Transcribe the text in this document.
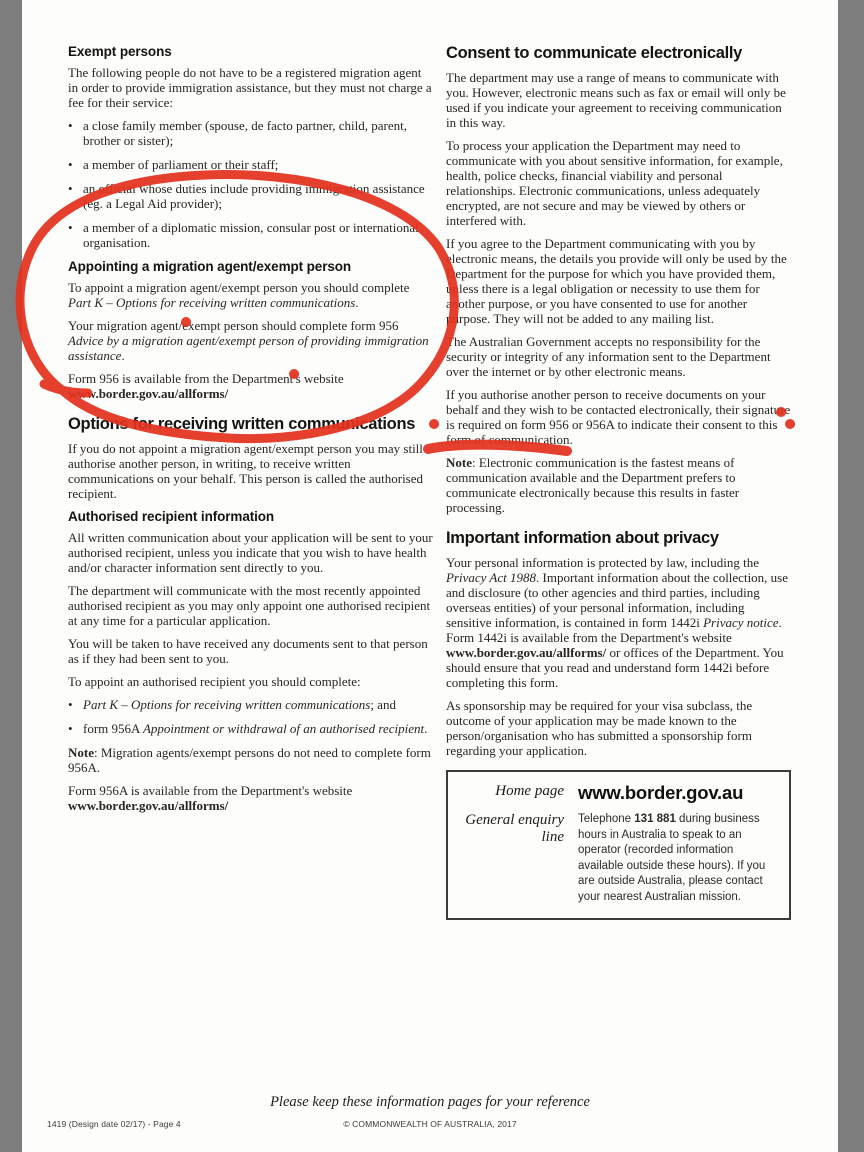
Exempt persons

The following people do not have to be a registered migration agent in order to provide immigration assistance, but they must not charge a fee for their service:

• a close family member (spouse, de facto partner, child, parent, brother or sister);
• a member of parliament or their staff;
• an official whose duties include providing immigration assistance (eg. a Legal Aid provider);
• a member of a diplomatic mission, consular post or international organisation.
Appointing a migration agent/exempt person

To appoint a migration agent/exempt person you should complete Part K – Options for receiving written communications.

Your migration agent/exempt person should complete form 956 Advice by a migration agent/exempt person of providing immigration assistance.

Form 956 is available from the Department's website www.border.gov.au/allforms/

Options for receiving written communications

If you do not appoint a migration agent/exempt person you may still authorise another person, in writing, to receive written communications on your behalf. This person is called the authorised recipient.

Authorised recipient information

All written communication about your application will be sent to your authorised recipient, unless you indicate that you wish to have health and/or character information sent directly to you.

The department will communicate with the most recently appointed authorised recipient as you may only appoint one authorised recipient at any time for a particular application.

You will be taken to have received any documents sent to that person as if they had been sent to you.

To appoint an authorised recipient you should complete:

• Part K – Options for receiving written communications; and
• form 956A Appointment or withdrawal of an authorised recipient.

Note: Migration agents/exempt persons do not need to complete form 956A.

Form 956A is available from the Department's website www.border.gov.au/allforms/

Consent to communicate electronically

The department may use a range of means to communicate with you. However, electronic means such as fax or email will only be used if you indicate your agreement to receiving communication in this way.

To process your application the Department may need to communicate with you about sensitive information, for example, health, police checks, financial viability and personal relationships. Electronic communications, unless adequately encrypted, are not secure and may be viewed by others or interfered with.

If you agree to the Department communicating with you by electronic means, the details you provide will only be used by the Department for the purpose for which you have provided them, unless there is a legal obligation or necessity to use them for another purpose, or you have consented to use for another purpose. They will not be added to any mailing list.

The Australian Government accepts no responsibility for the security or integrity of any information sent to the Department over the internet or by other electronic means.

If you authorise another person to receive documents on your behalf and they wish to be contacted electronically, their signature is required on form 956 or 956A to indicate their consent to this form of communication.

Note: Electronic communication is the fastest means of communication available and the Department prefers to communicate electronically because this results in faster processing.

Important information about privacy

Your personal information is protected by law, including the Privacy Act 1988. Important information about the collection, use and disclosure (to other agencies and third parties, including overseas entities) of your personal information, including sensitive information, is contained in form 1442i Privacy notice. Form 1442i is available from the Department's website www.border.gov.au/allforms/ or offices of the Department. You should ensure that you read and understand form 1442i before completing this form.

As sponsorship may be required for your visa subclass, the outcome of your application may be made known to the person/organisation who has submitted a sponsorship form regarding your application.

Home page www.border.gov.au
General enquiry line
Telephone 131 881 during business hours in Australia to speak to an operator (recorded information available outside these hours). If you are outside Australia, please contact your nearest Australian mission.
Please keep these information pages for your reference
1419 (Design date 02/17) - Page 4	© COMMONWEALTH OF AUSTRALIA, 2017
